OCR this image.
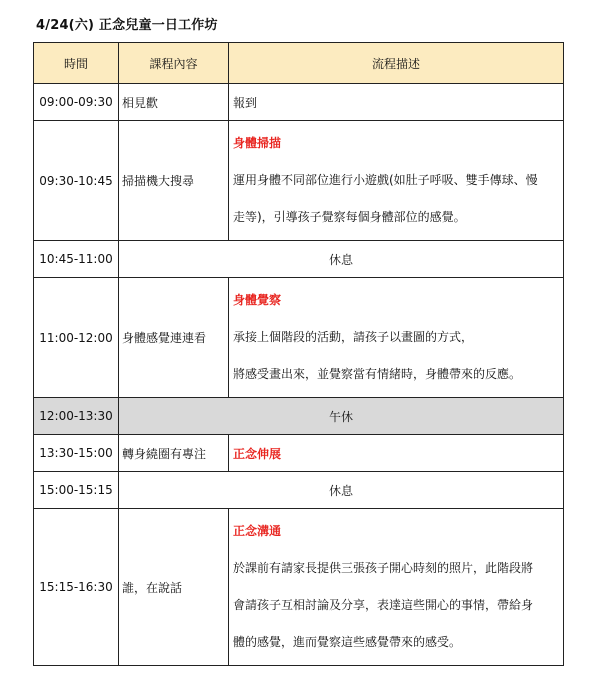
4/24(六) 正念兒童一日工作坊
時間	課程內容	流程描述
09:00-09:30	相見歡	報到
09:30-10:45	掃描機大搜尋	身體掃描
運用身體不同部位進行小遊戲(如肚子呼吸、雙手傳球、慢
走等)，引導孩子覺察每個身體部位的感覺。

10:45-11:00	休息	
11:00-12:00	身體感覺連連看	身體覺察
承接上個階段的活動，請孩子以畫圖的方式，
將感受畫出來，並覺察當有情緒時，身體帶來的反應。

12:00-13:30	午休	
13:30-15:00	轉身繞圈有專注	正念伸展
15:00-15:15	休息	
15:15-16:30	誰，在說話	正念溝通
於課前有請家長提供三張孩子開心時刻的照片，此階段將
會請孩子互相討論及分享，表達這些開心的事情，帶給身
體的感覺，進而覺察這些感覺帶來的感受。
